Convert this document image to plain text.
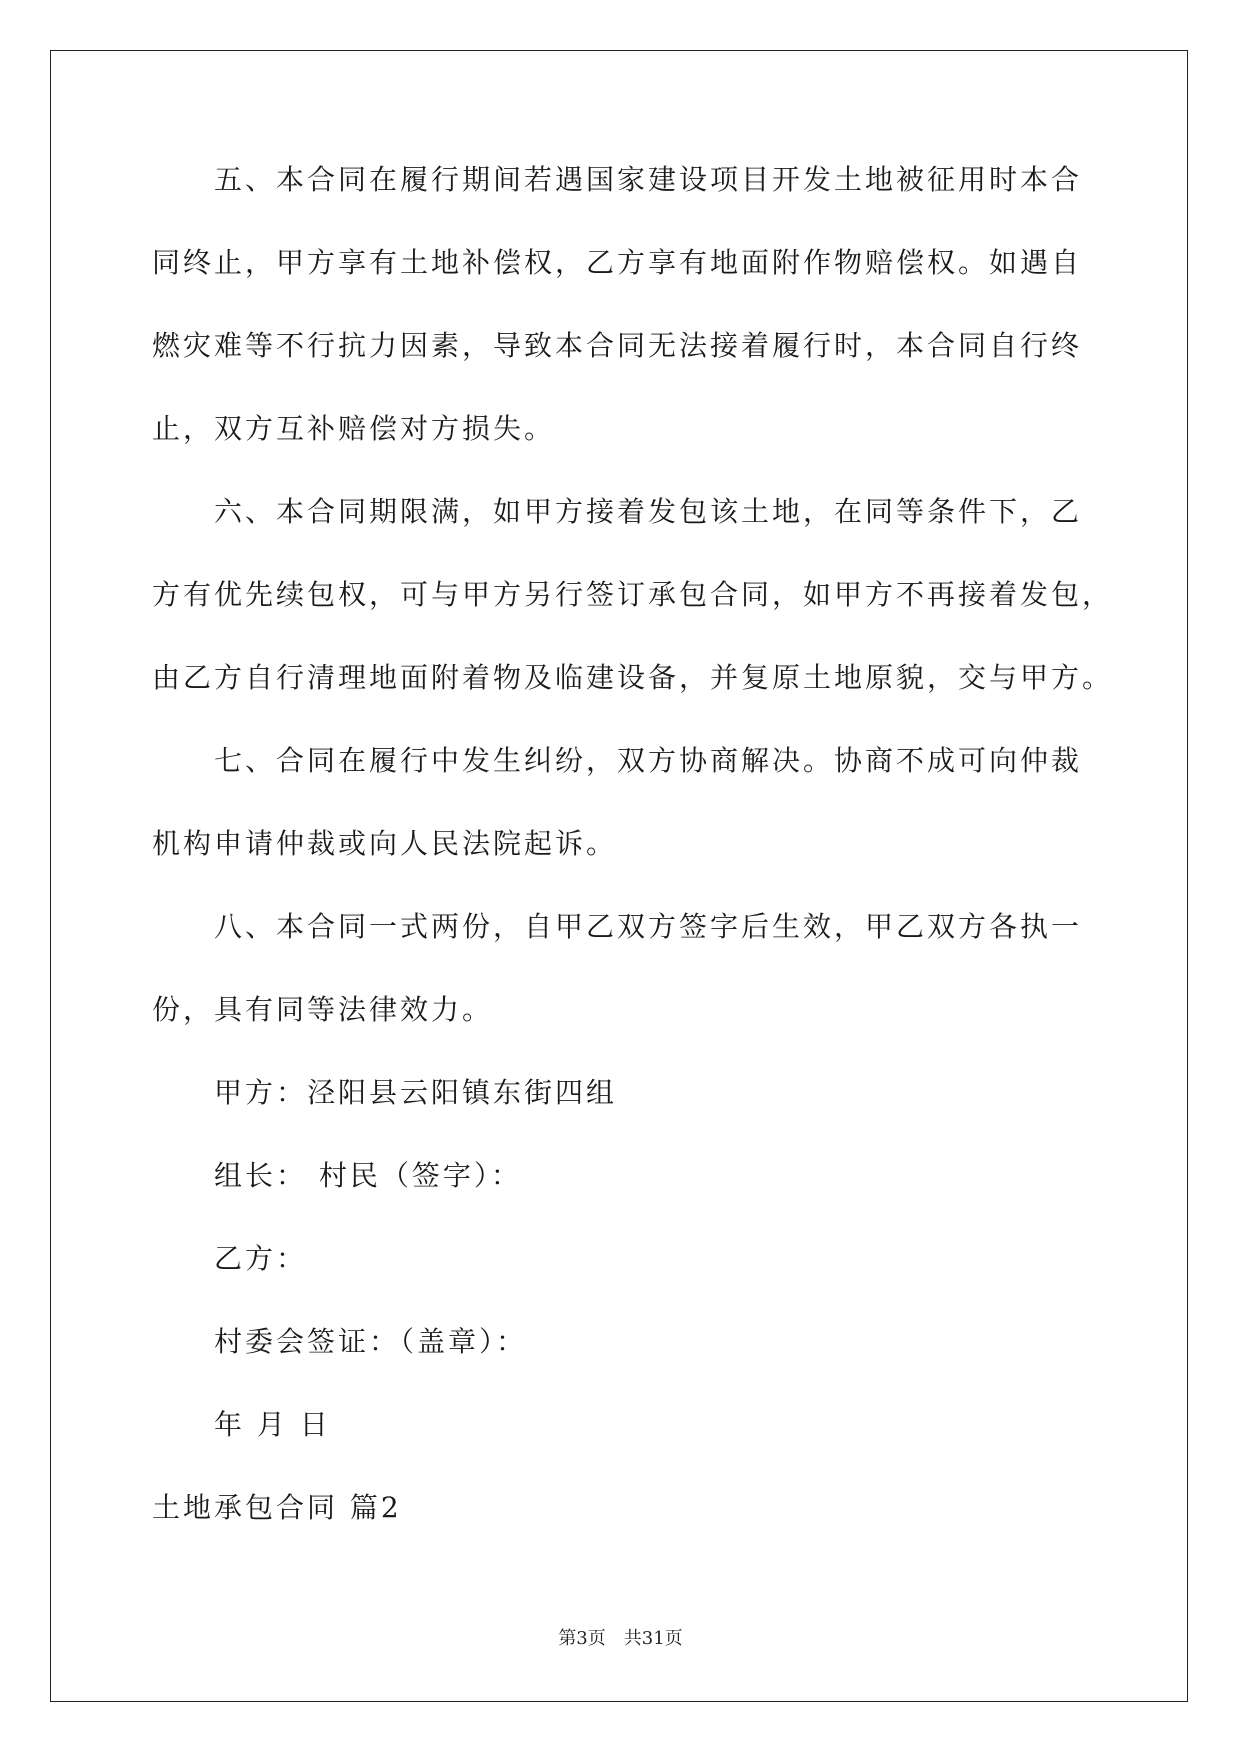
五、本合同在履行期间若遇国家建设项目开发土地被征用时本合
同终止，甲方享有土地补偿权，乙方享有地面附作物赔偿权。如遇自
燃灾难等不行抗力因素，导致本合同无法接着履行时，本合同自行终
止，双方互补赔偿对方损失。
六、本合同期限满，如甲方接着发包该土地，在同等条件下，乙
方有优先续包权，可与甲方另行签订承包合同，如甲方不再接着发包，
由乙方自行清理地面附着物及临建设备，并复原土地原貌，交与甲方。
七、合同在履行中发生纠纷，双方协商解决。协商不成可向仲裁
机构申请仲裁或向人民法院起诉。
八、本合同一式两份，自甲乙双方签字后生效，甲乙双方各执一
份，具有同等法律效力。
甲方：泾阳县云阳镇东街四组
组长： 村民（签字）：
乙方：
村委会签证：（盖章）：
年 月 日
土地承包合同 篇2
第3页 共31页
